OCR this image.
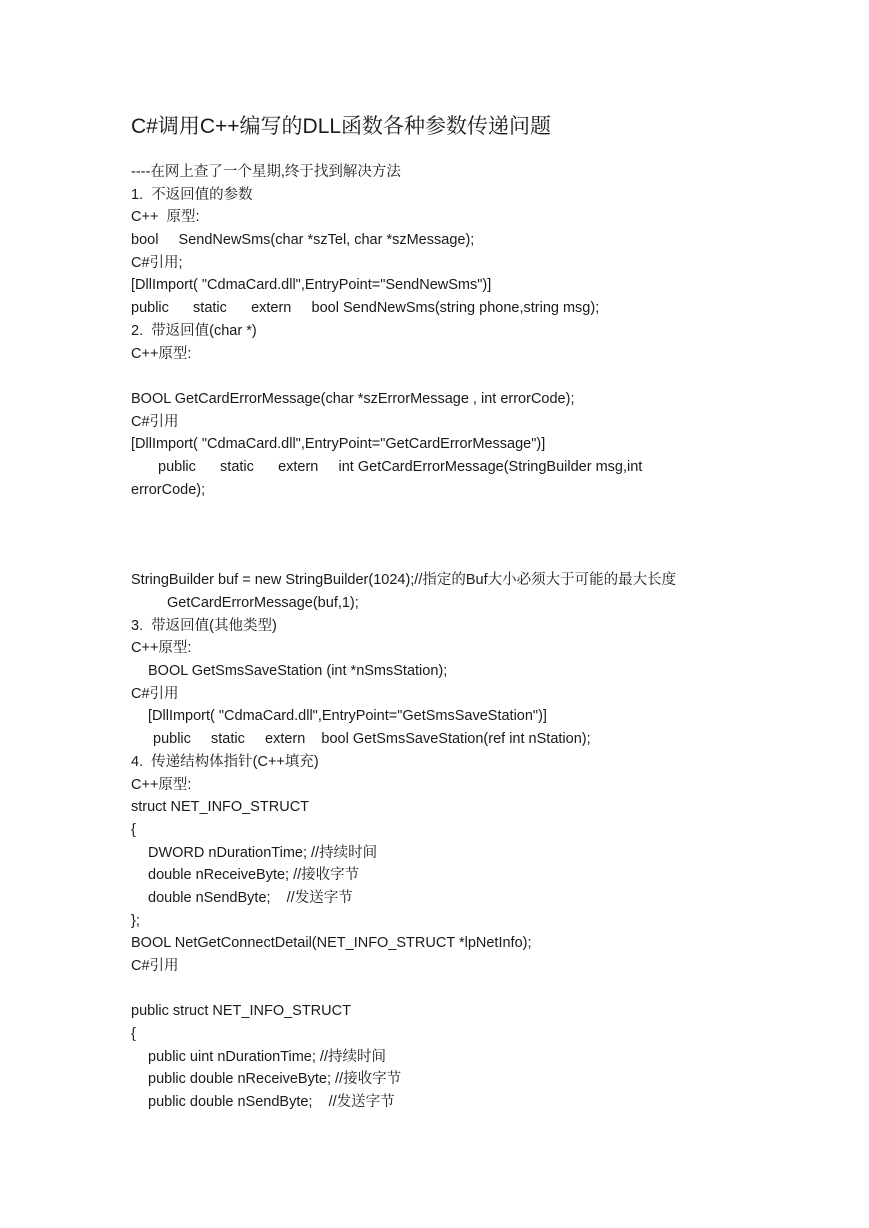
C#调用C++编写的DLL函数各种参数传递问题
----在网上查了一个星期,终于找到解决方法
1.  不返回值的参数
C++  原型:
bool     SendNewSms(char *szTel, char *szMessage);
C#引用;
[DllImport( "CdmaCard.dll",EntryPoint="SendNewSms")]
public      static      extern     bool SendNewSms(string phone,string msg);
2.  带返回值(char *)
C++原型:
BOOL GetCardErrorMessage(char *szErrorMessage , int errorCode);
C#引用
[DllImport( "CdmaCard.dll",EntryPoint="GetCardErrorMessage")]
public      static      extern     int GetCardErrorMessage(StringBuilder msg,int
errorCode);
StringBuilder buf = new StringBuilder(1024);//指定的Buf大小必须大于可能的最大长度
GetCardErrorMessage(buf,1);
3.  带返回值(其他类型)
C++原型:
BOOL GetSmsSaveStation (int *nSmsStation);
C#引用
[DllImport( "CdmaCard.dll",EntryPoint="GetSmsSaveStation")]
public     static     extern    bool GetSmsSaveStation(ref int nStation);
4.  传递结构体指针(C++填充)
C++原型:
struct NET_INFO_STRUCT
{
DWORD nDurationTime; //持续时间
double nReceiveByte; //接收字节
double nSendByte;    //发送字节
};
BOOL NetGetConnectDetail(NET_INFO_STRUCT *lpNetInfo);
C#引用
public struct NET_INFO_STRUCT
{
public uint nDurationTime; //持续时间
public double nReceiveByte; //接收字节
public double nSendByte;    //发送字节
